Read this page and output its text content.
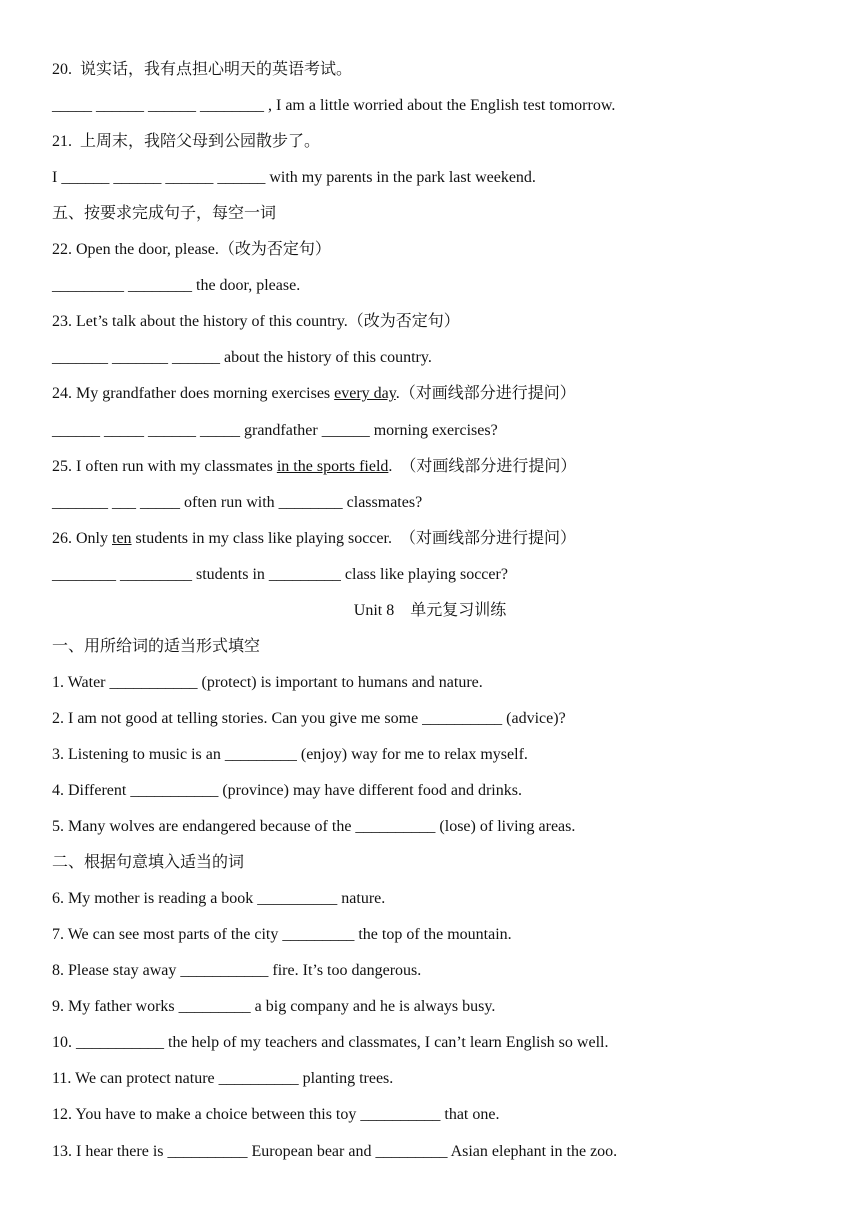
20.  说实话，我有点担心明天的英语考试。
_____ ______ ______ ________ , I am a little worried about the English test tomorrow.
21.  上周末，我陪父母到公园散步了。
I ______ ______ ______ ______ with my parents in the park last weekend.
五、按要求完成句子，每空一词
22. Open the door, please.（改为否定句）
_________ ________ the door, please.
23. Let’s talk about the history of this country.（改为否定句）
_______ _______ ______ about the history of this country.
24. My grandfather does morning exercises every day.（对画线部分进行提问）
______ _____ ______ _____ grandfather ______ morning exercises?
25. I often run with my classmates in the sports field.  （对画线部分进行提问）
_______ ___ _____ often run with ________ classmates?
26. Only ten students in my class like playing soccer.  （对画线部分进行提问）
________ _________ students in _________ class like playing soccer?
Unit 8    单元复习训练
一、用所给词的适当形式填空
1. Water ___________ (protect) is important to humans and nature.
2. I am not good at telling stories. Can you give me some __________ (advice)?
3. Listening to music is an _________ (enjoy) way for me to relax myself.
4. Different ___________ (province) may have different food and drinks.
5. Many wolves are endangered because of the __________ (lose) of living areas.
二、根据句意填入适当的词
6. My mother is reading a book __________ nature.
7. We can see most parts of the city _________ the top of the mountain.
8. Please stay away ___________ fire. It’s too dangerous.
9. My father works _________ a big company and he is always busy.
10. ___________ the help of my teachers and classmates, I can’t learn English so well.
11. We can protect nature __________ planting trees.
12. You have to make a choice between this toy __________ that one.
13. I hear there is __________ European bear and _________ Asian elephant in the zoo.
